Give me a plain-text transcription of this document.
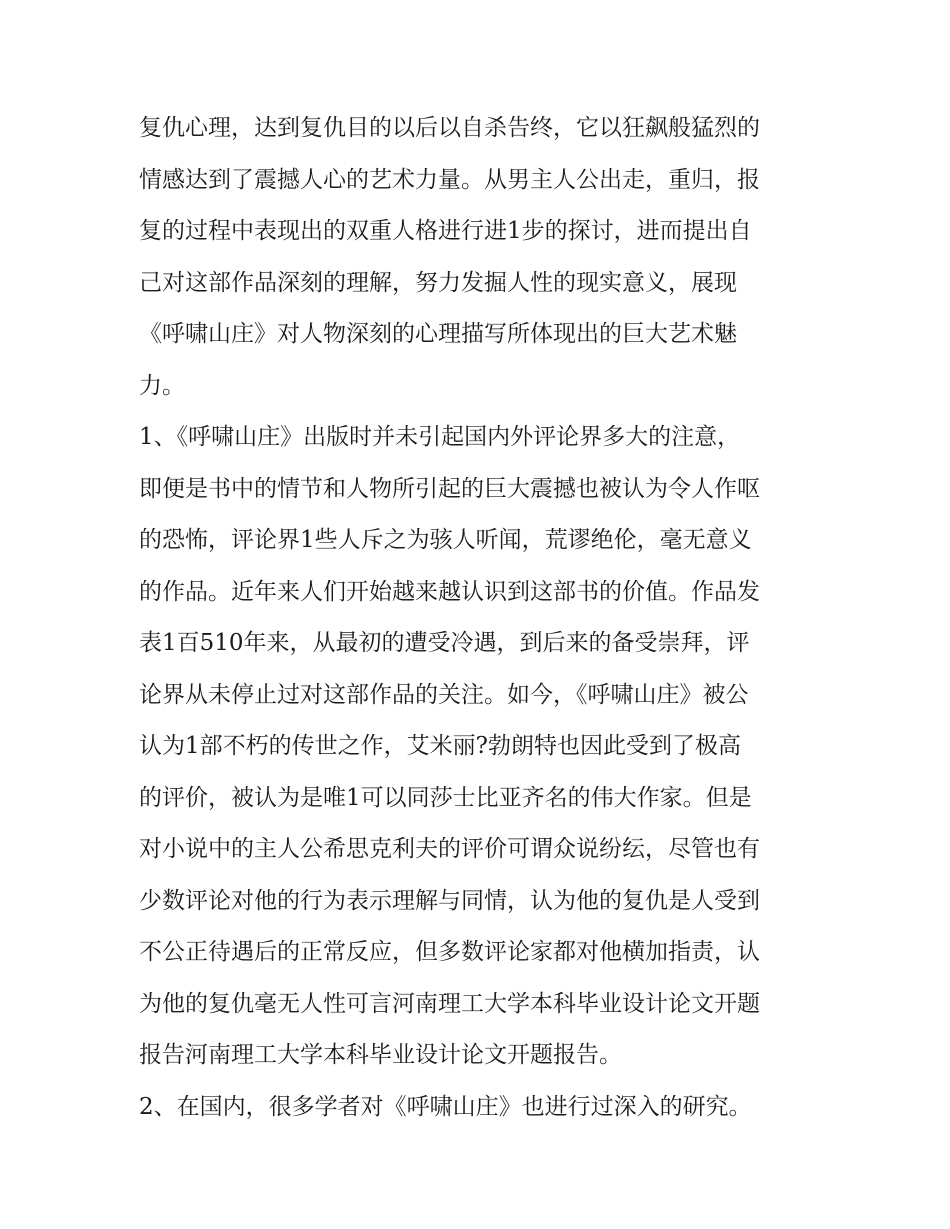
复仇心理，达到复仇目的以后以自杀告终，它以狂飙般猛烈的
情感达到了震撼人心的艺术力量。从男主人公出走，重归，报
复的过程中表现出的双重人格进行进1步的探讨，进而提出自
己对这部作品深刻的理解，努力发掘人性的现实意义，展现
《呼啸山庄》对人物深刻的心理描写所体现出的巨大艺术魅
力。
1、《呼啸山庄》出版时并未引起国内外评论界多大的注意，
即便是书中的情节和人物所引起的巨大震撼也被认为令人作呕
的恐怖，评论界1些人斥之为骇人听闻，荒谬绝伦，毫无意义
的作品。近年来人们开始越来越认识到这部书的价值。作品发
表1百510年来，从最初的遭受冷遇，到后来的备受崇拜，评
论界从未停止过对这部作品的关注。如今，《呼啸山庄》被公
认为1部不朽的传世之作，艾米丽?勃朗特也因此受到了极高
的评价，被认为是唯1可以同莎士比亚齐名的伟大作家。但是
对小说中的主人公希思克利夫的评价可谓众说纷纭，尽管也有
少数评论对他的行为表示理解与同情，认为他的复仇是人受到
不公正待遇后的正常反应，但多数评论家都对他横加指责，认
为他的复仇毫无人性可言河南理工大学本科毕业设计论文开题
报告河南理工大学本科毕业设计论文开题报告。
2、在国内，很多学者对《呼啸山庄》也进行过深入的研究。
